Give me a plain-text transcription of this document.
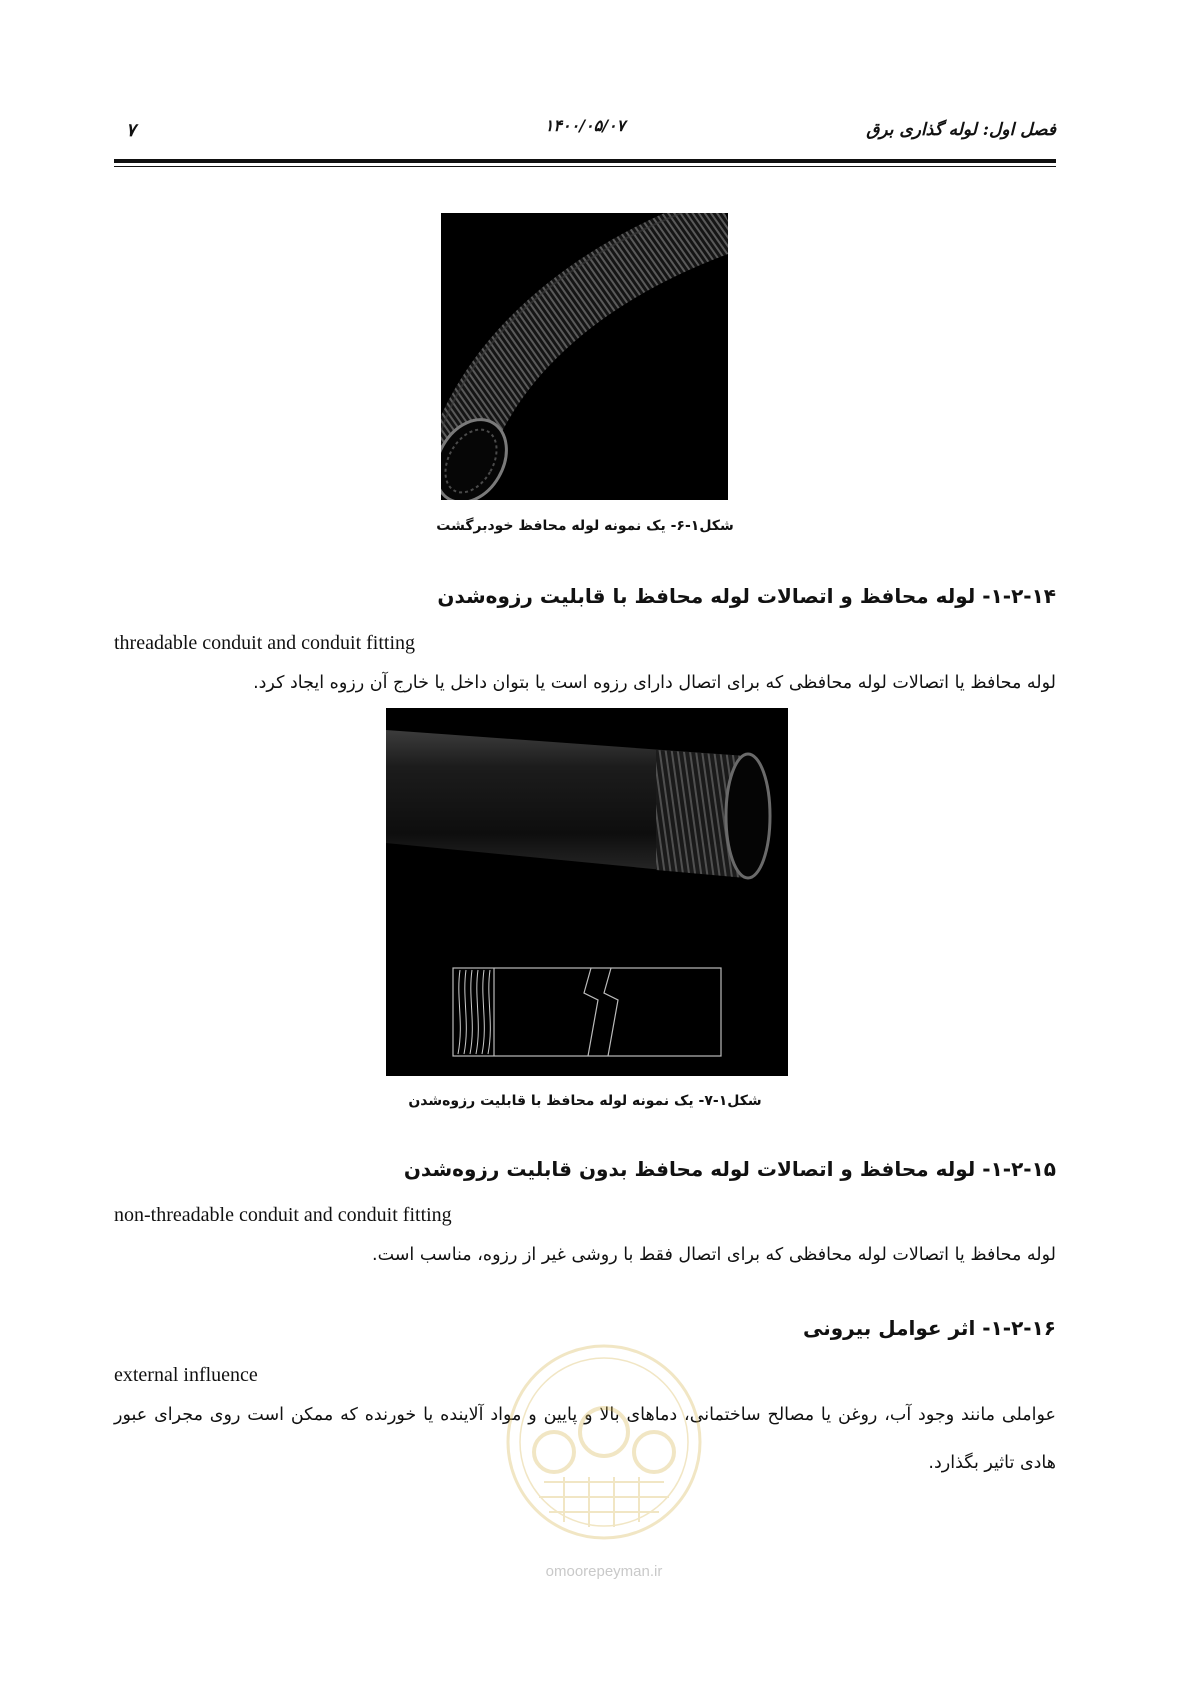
فصل اول: لوله گذاری برق
۱۴۰۰/۰۵/۰۷
۷
شکل۱-۶- یک نمونه لوله محافظ خودبرگشت
۱-۲-۱۴- لوله محافظ و اتصالات لوله محافظ با قابلیت رزوه‌شدن
threadable conduit and conduit fitting
لوله محافظ یا اتصالات لوله محافظی که برای اتصال دارای رزوه است یا بتوان داخل یا خارج آن رزوه ایجاد کرد.
شکل۱-۷- یک نمونه لوله محافظ با قابلیت رزوه‌شدن
۱-۲-۱۵- لوله محافظ و اتصالات لوله محافظ بدون قابلیت رزوه‌شدن
non-threadable conduit and conduit fitting
لوله محافظ یا اتصالات لوله محافظی که برای اتصال فقط با روشی غیر از رزوه، مناسب است.
۱-۲-۱۶- اثر عوامل بیرونی
external influence
عواملی مانند وجود آب، روغن یا مصالح ساختمانی، دماهای بالا و پایین و مواد آلاینده یا خورنده که ممکن است روی مجرای عبور هادی تاثیر بگذارد.
omoorepeyman.ir
